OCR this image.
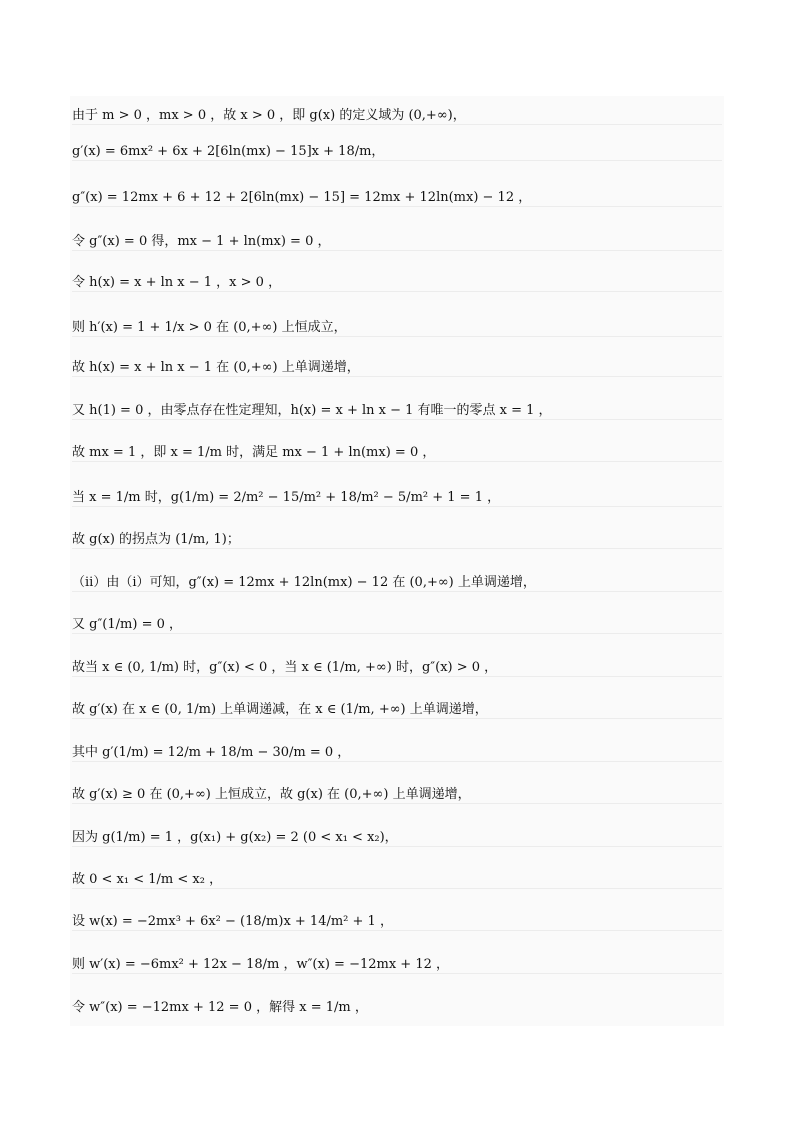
由于 m > 0 ，mx > 0 ，故 x > 0 ，即 g(x) 的定义域为 (0,+∞)，
g′(x) = 6mx² + 6x + 2[6ln(mx) − 15]x + 18/m，
g″(x) = 12mx + 6 + 12 + 2[6ln(mx) − 15] = 12mx + 12ln(mx) − 12 ，
令 g″(x) = 0 得，mx − 1 + ln(mx) = 0 ，
令 h(x) = x + ln x − 1 ，x > 0 ，
则 h′(x) = 1 + 1/x > 0 在 (0,+∞) 上恒成立，
故 h(x) = x + ln x − 1 在 (0,+∞) 上单调递增，
又 h(1) = 0 ，由零点存在性定理知，h(x) = x + ln x − 1 有唯一的零点 x = 1 ，
故 mx = 1 ，即 x = 1/m 时，满足 mx − 1 + ln(mx) = 0 ，
当 x = 1/m 时，g(1/m) = 2/m² − 15/m² + 18/m² − 5/m² + 1 = 1 ，
故 g(x) 的拐点为 (1/m, 1)；
（ii）由（i）可知，g″(x) = 12mx + 12ln(mx) − 12 在 (0,+∞) 上单调递增，
又 g″(1/m) = 0 ，
故当 x ∈ (0, 1/m) 时，g″(x) < 0 ，当 x ∈ (1/m, +∞) 时，g″(x) > 0 ，
故 g′(x) 在 x ∈ (0, 1/m) 上单调递减，在 x ∈ (1/m, +∞) 上单调递增，
其中 g′(1/m) = 12/m + 18/m − 30/m = 0 ，
故 g′(x) ≥ 0 在 (0,+∞) 上恒成立，故 g(x) 在 (0,+∞) 上单调递增，
因为 g(1/m) = 1 ，g(x₁) + g(x₂) = 2 (0 < x₁ < x₂)，
故 0 < x₁ < 1/m < x₂ ，
设 w(x) = −2mx³ + 6x² − (18/m)x + 14/m² + 1 ，
则 w′(x) = −6mx² + 12x − 18/m ，w″(x) = −12mx + 12 ，
令 w″(x) = −12mx + 12 = 0 ，解得 x = 1/m ，
